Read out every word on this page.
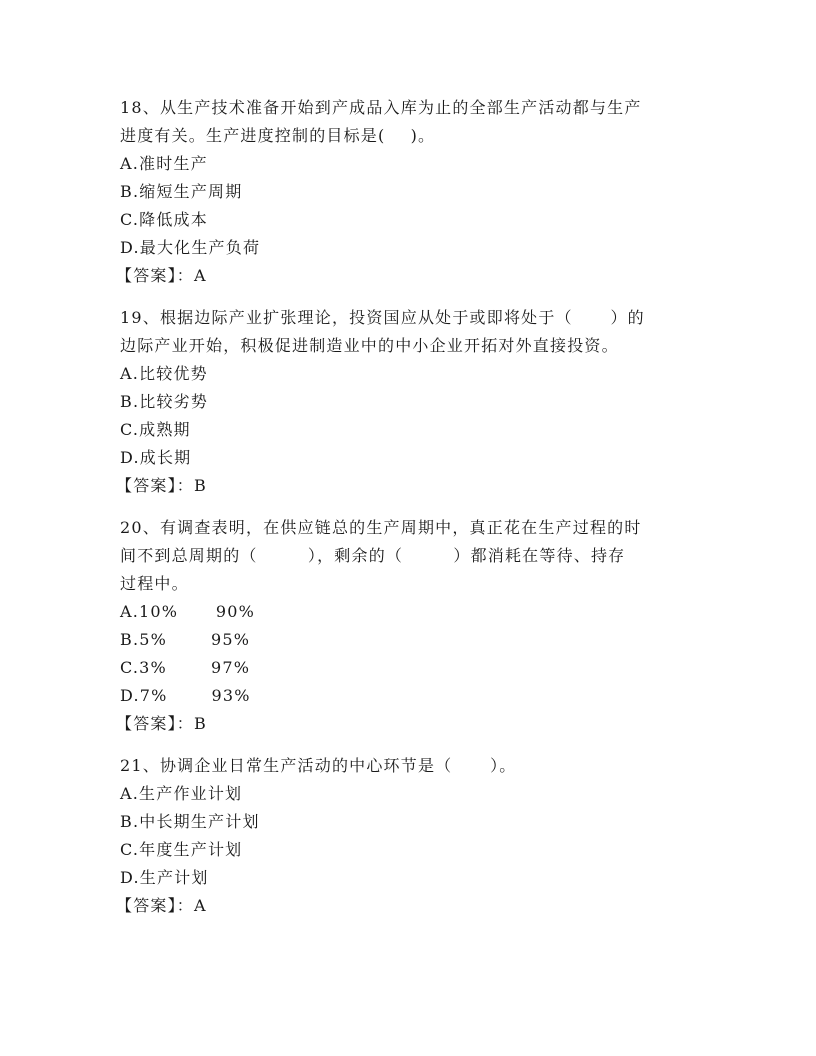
18、从生产技术准备开始到产成品入库为止的全部生产活动都与生产
进度有关。生产进度控制的目标是(    )。
A.准时生产
B.缩短生产周期
C.降低成本
D.最大化生产负荷
【答案】：A
19、根据边际产业扩张理论，投资国应从处于或即将处于（      ）的
边际产业开始，积极促进制造业中的中小企业开拓对外直接投资。
A.比较优势
B.比较劣势
C.成熟期
D.成长期
【答案】：B
20、有调查表明，在供应链总的生产周期中，真正花在生产过程的时
间不到总周期的（        ），剩余的（        ）都消耗在等待、持存
过程中。
A.10%      90%
B.5%       95%
C.3%       97%
D.7%       93%
【答案】：B
21、协调企业日常生产活动的中心环节是（      ）。
A.生产作业计划
B.中长期生产计划
C.年度生产计划
D.生产计划
【答案】：A
